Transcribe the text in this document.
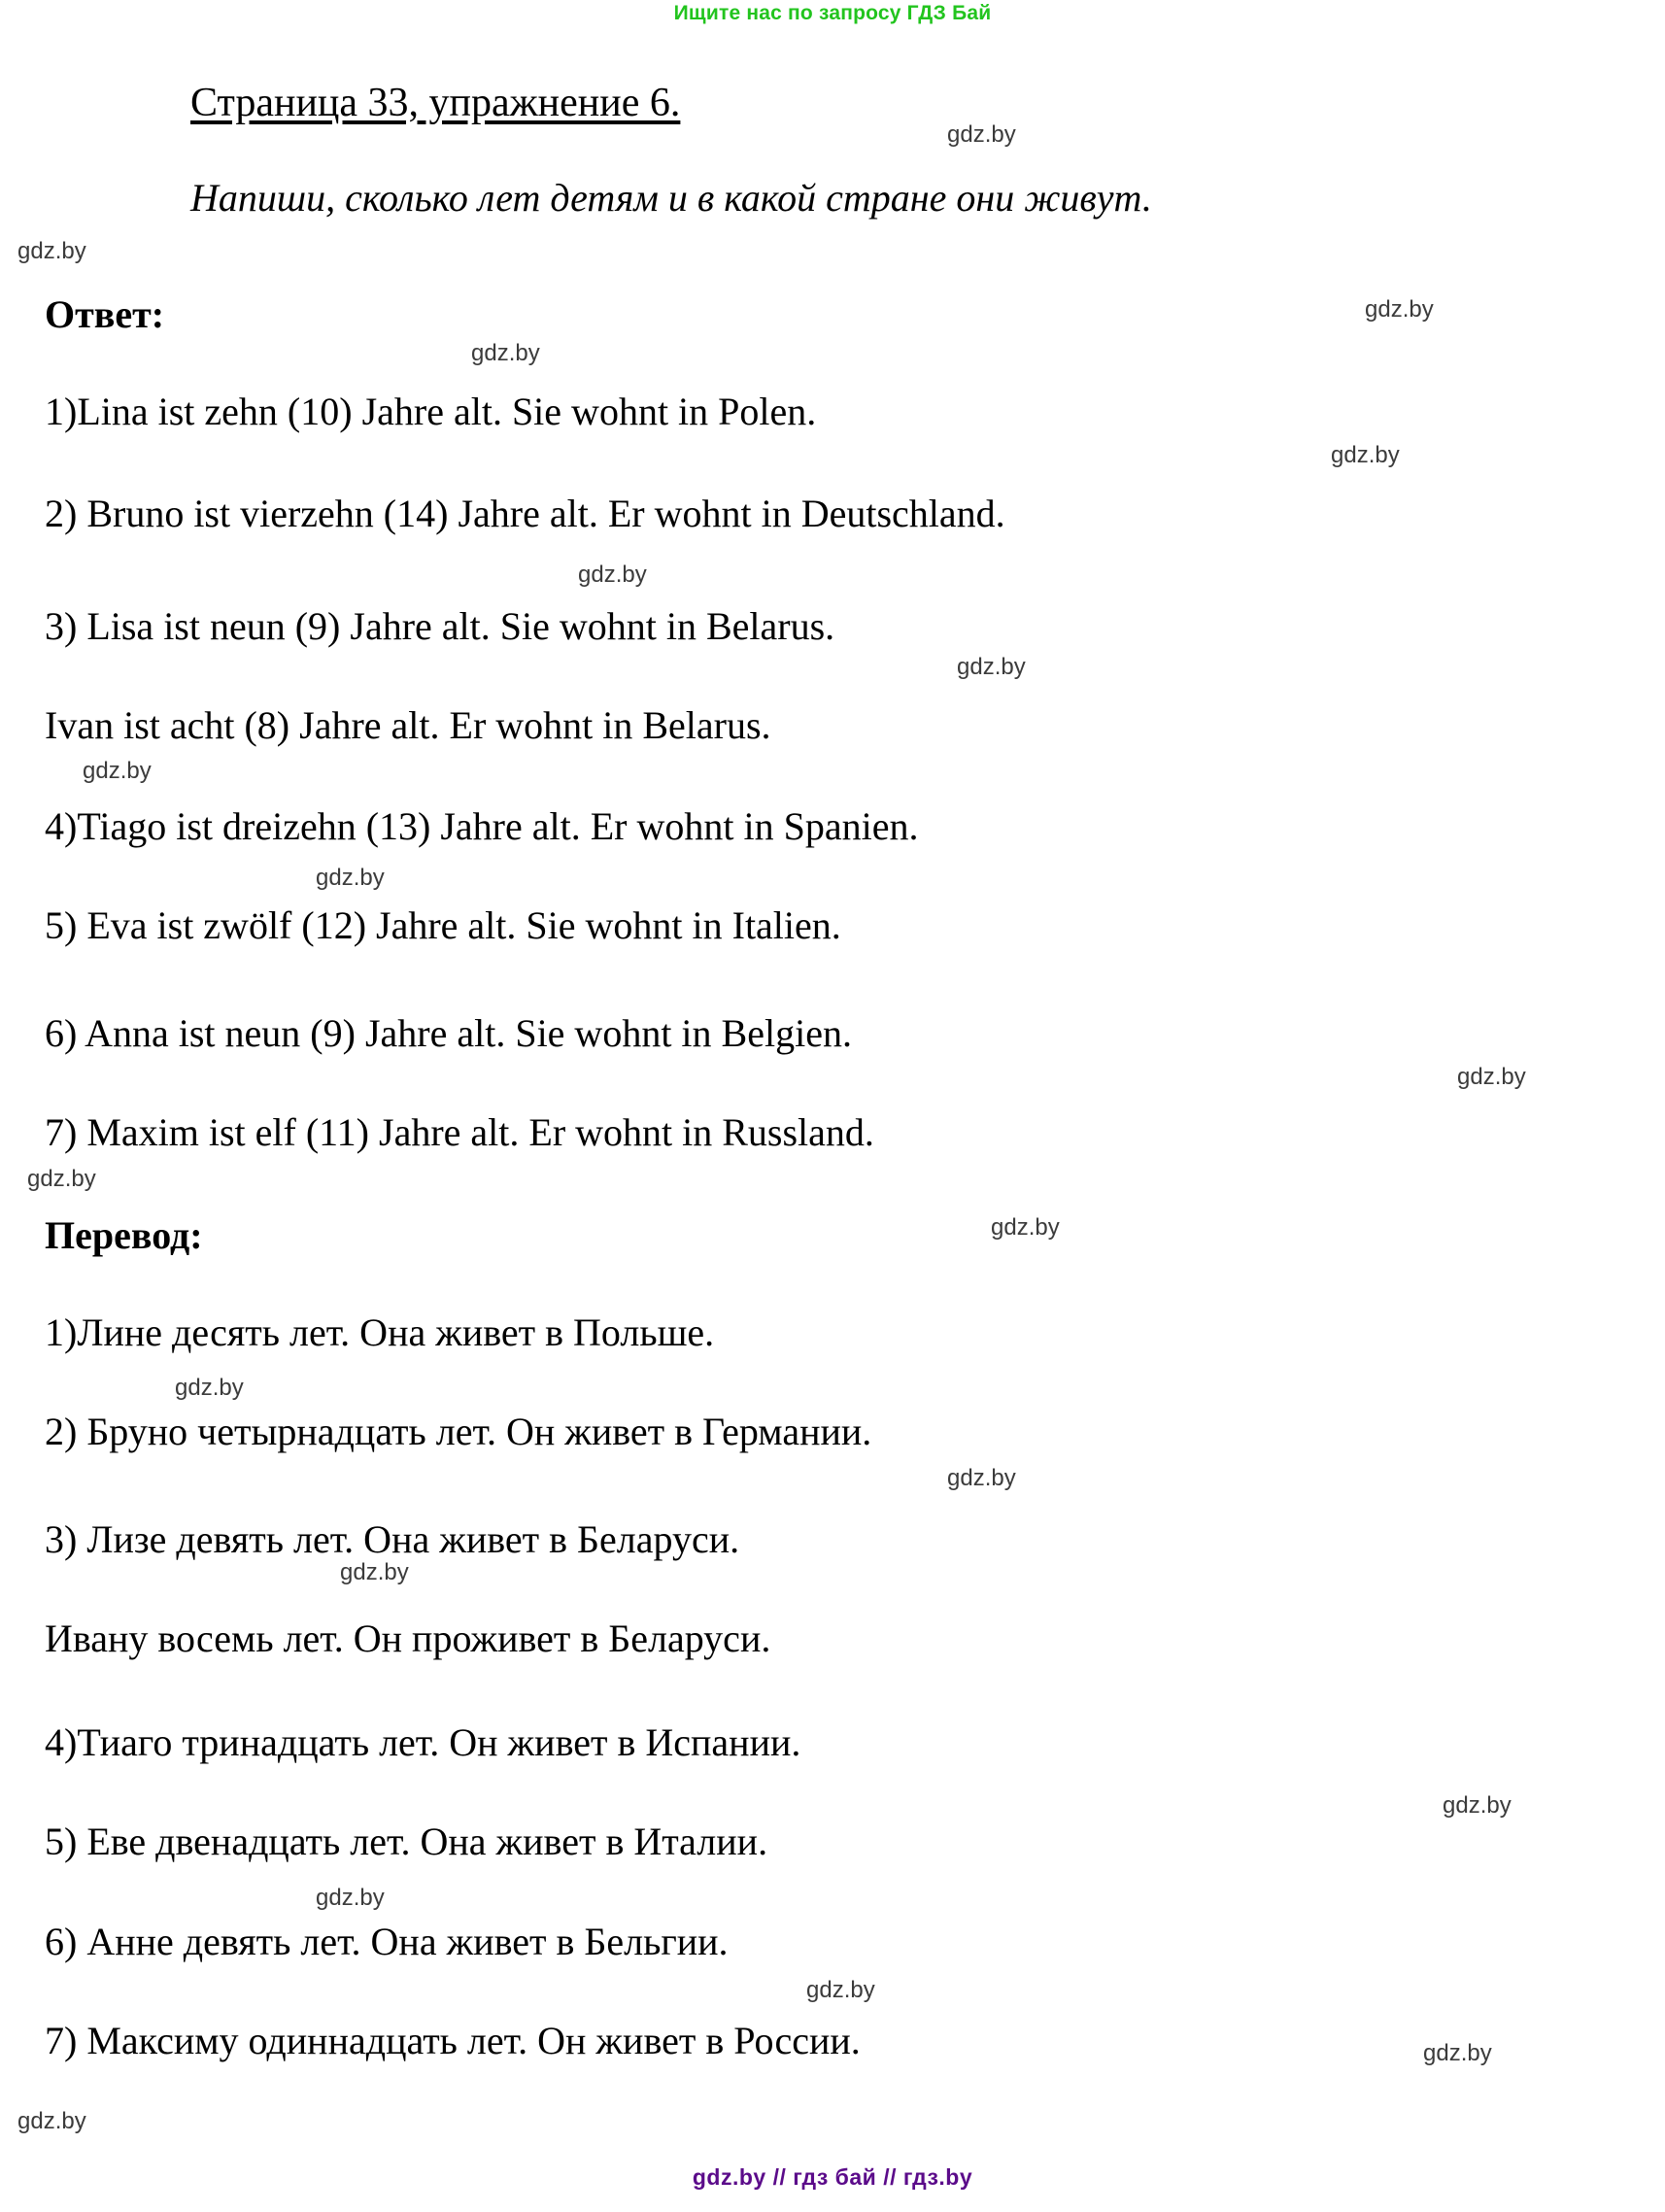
Ищите нас по запросу ГДЗ Бай
Страница 33, упражнение 6.
Напиши, сколько лет детям и в какой стране они живут.
Ответ:
1)Lina ist zehn (10) Jahre alt. Sie wohnt in Polen.
2) Bruno ist vierzehn (14) Jahre alt. Er wohnt in Deutschland.
3) Lisa ist neun (9) Jahre alt. Sie wohnt in Belarus.
Ivan ist acht (8) Jahre alt. Er wohnt in Belarus.
4)Tiago ist dreizehn (13) Jahre alt. Er wohnt in Spanien.
5) Eva ist zwölf (12) Jahre alt. Sie wohnt in Italien.
6) Anna ist neun (9) Jahre alt. Sie wohnt in Belgien.
7) Maxim ist elf (11) Jahre alt. Er wohnt in Russland.
Перевод:
1)Лине десять лет. Она живет в Польше.
2) Бруно четырнадцать лет. Он живет в Германии.
3) Лизе девять лет. Она живет в Беларуси.
Ивану восемь лет. Он проживет в Беларуси.
4)Тиаго тринадцать лет. Он живет в Испании.
5) Еве двенадцать лет. Она живет в Италии.
6) Анне девять лет. Она живет в Бельгии.
7) Максиму одиннадцать лет. Он живет в России.
gdz.by
gdz.by
gdz.by
gdz.by
gdz.by
gdz.by
gdz.by
gdz.by
gdz.by
gdz.by
gdz.by
gdz.by
gdz.by
gdz.by
gdz.by
gdz.by
gdz.by
gdz.by
gdz.by
gdz.by
gdz.by // гдз бай // гдз.by
